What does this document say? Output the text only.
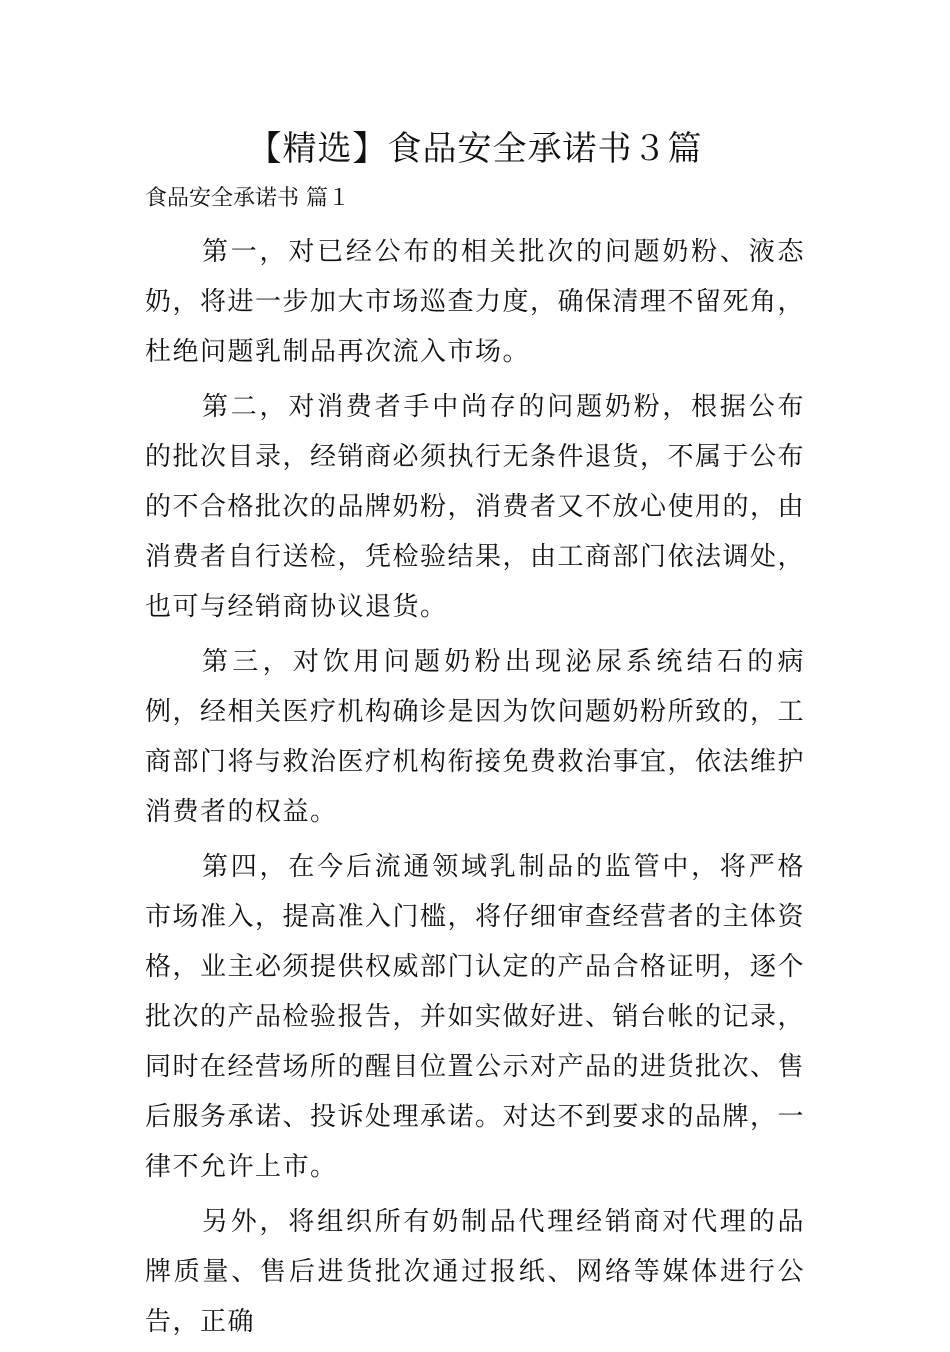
【精选】食品安全承诺书３篇

食品安全承诺书 篇１

第一，对已经公布的相关批次的问题奶粉、液态奶，将进一步加大市场巡查力度，确保清理不留死角，杜绝问题乳制品再次流入市场。

第二，对消费者手中尚存的问题奶粉，根据公布的批次目录，经销商必须执行无条件退货，不属于公布的不合格批次的品牌奶粉，消费者又不放心使用的，由消费者自行送检，凭检验结果，由工商部门依法调处，也可与经销商协议退货。

第三，对饮用问题奶粉出现泌尿系统结石的病例，经相关医疗机构确诊是因为饮问题奶粉所致的，工商部门将与救治医疗机构衔接免费救治事宜，依法维护消费者的权益。

第四，在今后流通领域乳制品的监管中，将严格市场准入，提高准入门槛，将仔细审查经营者的主体资格，业主必须提供权威部门认定的产品合格证明，逐个批次的产品检验报告，并如实做好进、销台帐的记录，同时在经营场所的醒目位置公示对产品的进货批次、售后服务承诺、投诉处理承诺。对达不到要求的品牌，一律不允许上市。

另外，将组织所有奶制品代理经销商对代理的品牌质量、售后进货批次通过报纸、网络等媒体进行公告，正确
